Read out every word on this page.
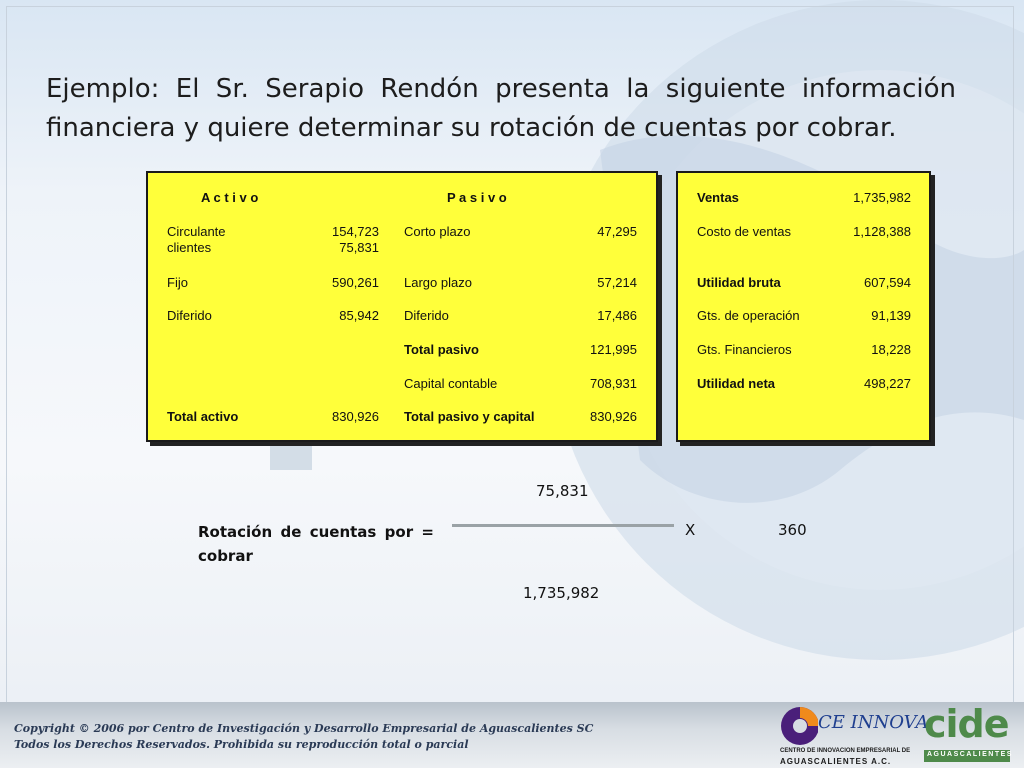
Ejemplo: El Sr. Serapio Rendón presenta la siguiente información financiera y quiere determinar su rotación de cuentas por cobrar.
A c t i v o	P a s i v o
Circulante	154,723 Corto plazo	47,295
clientes	75,831
Fijo	590,261 Largo plazo	57,214
Diferido	85,942 Diferido	17,486
Total pasivo	121,995
Capital contable	708,931
Total activo	830,926 Total pasivo y capital	830,926
Ventas	1,735,982
Costo de ventas	1,128,388
Utilidad bruta	607,594
Gts. de operación	91,139
Gts. Financieros	18,228
Utilidad neta	498,227
75,831
Rotación de cuentas por =
cobrar
X	360
1,735,982
Copyright © 2006 por Centro de Investigación y Desarrollo Empresarial de Aguascalientes SC
Todos los Derechos Reservados. Prohibida su reproducción total o parcial
CE INNOVA
CENTRO DE INNOVACION EMPRESARIAL DE
AGUASCALIENTES A.C.
cide
AGUASCALIENTES
